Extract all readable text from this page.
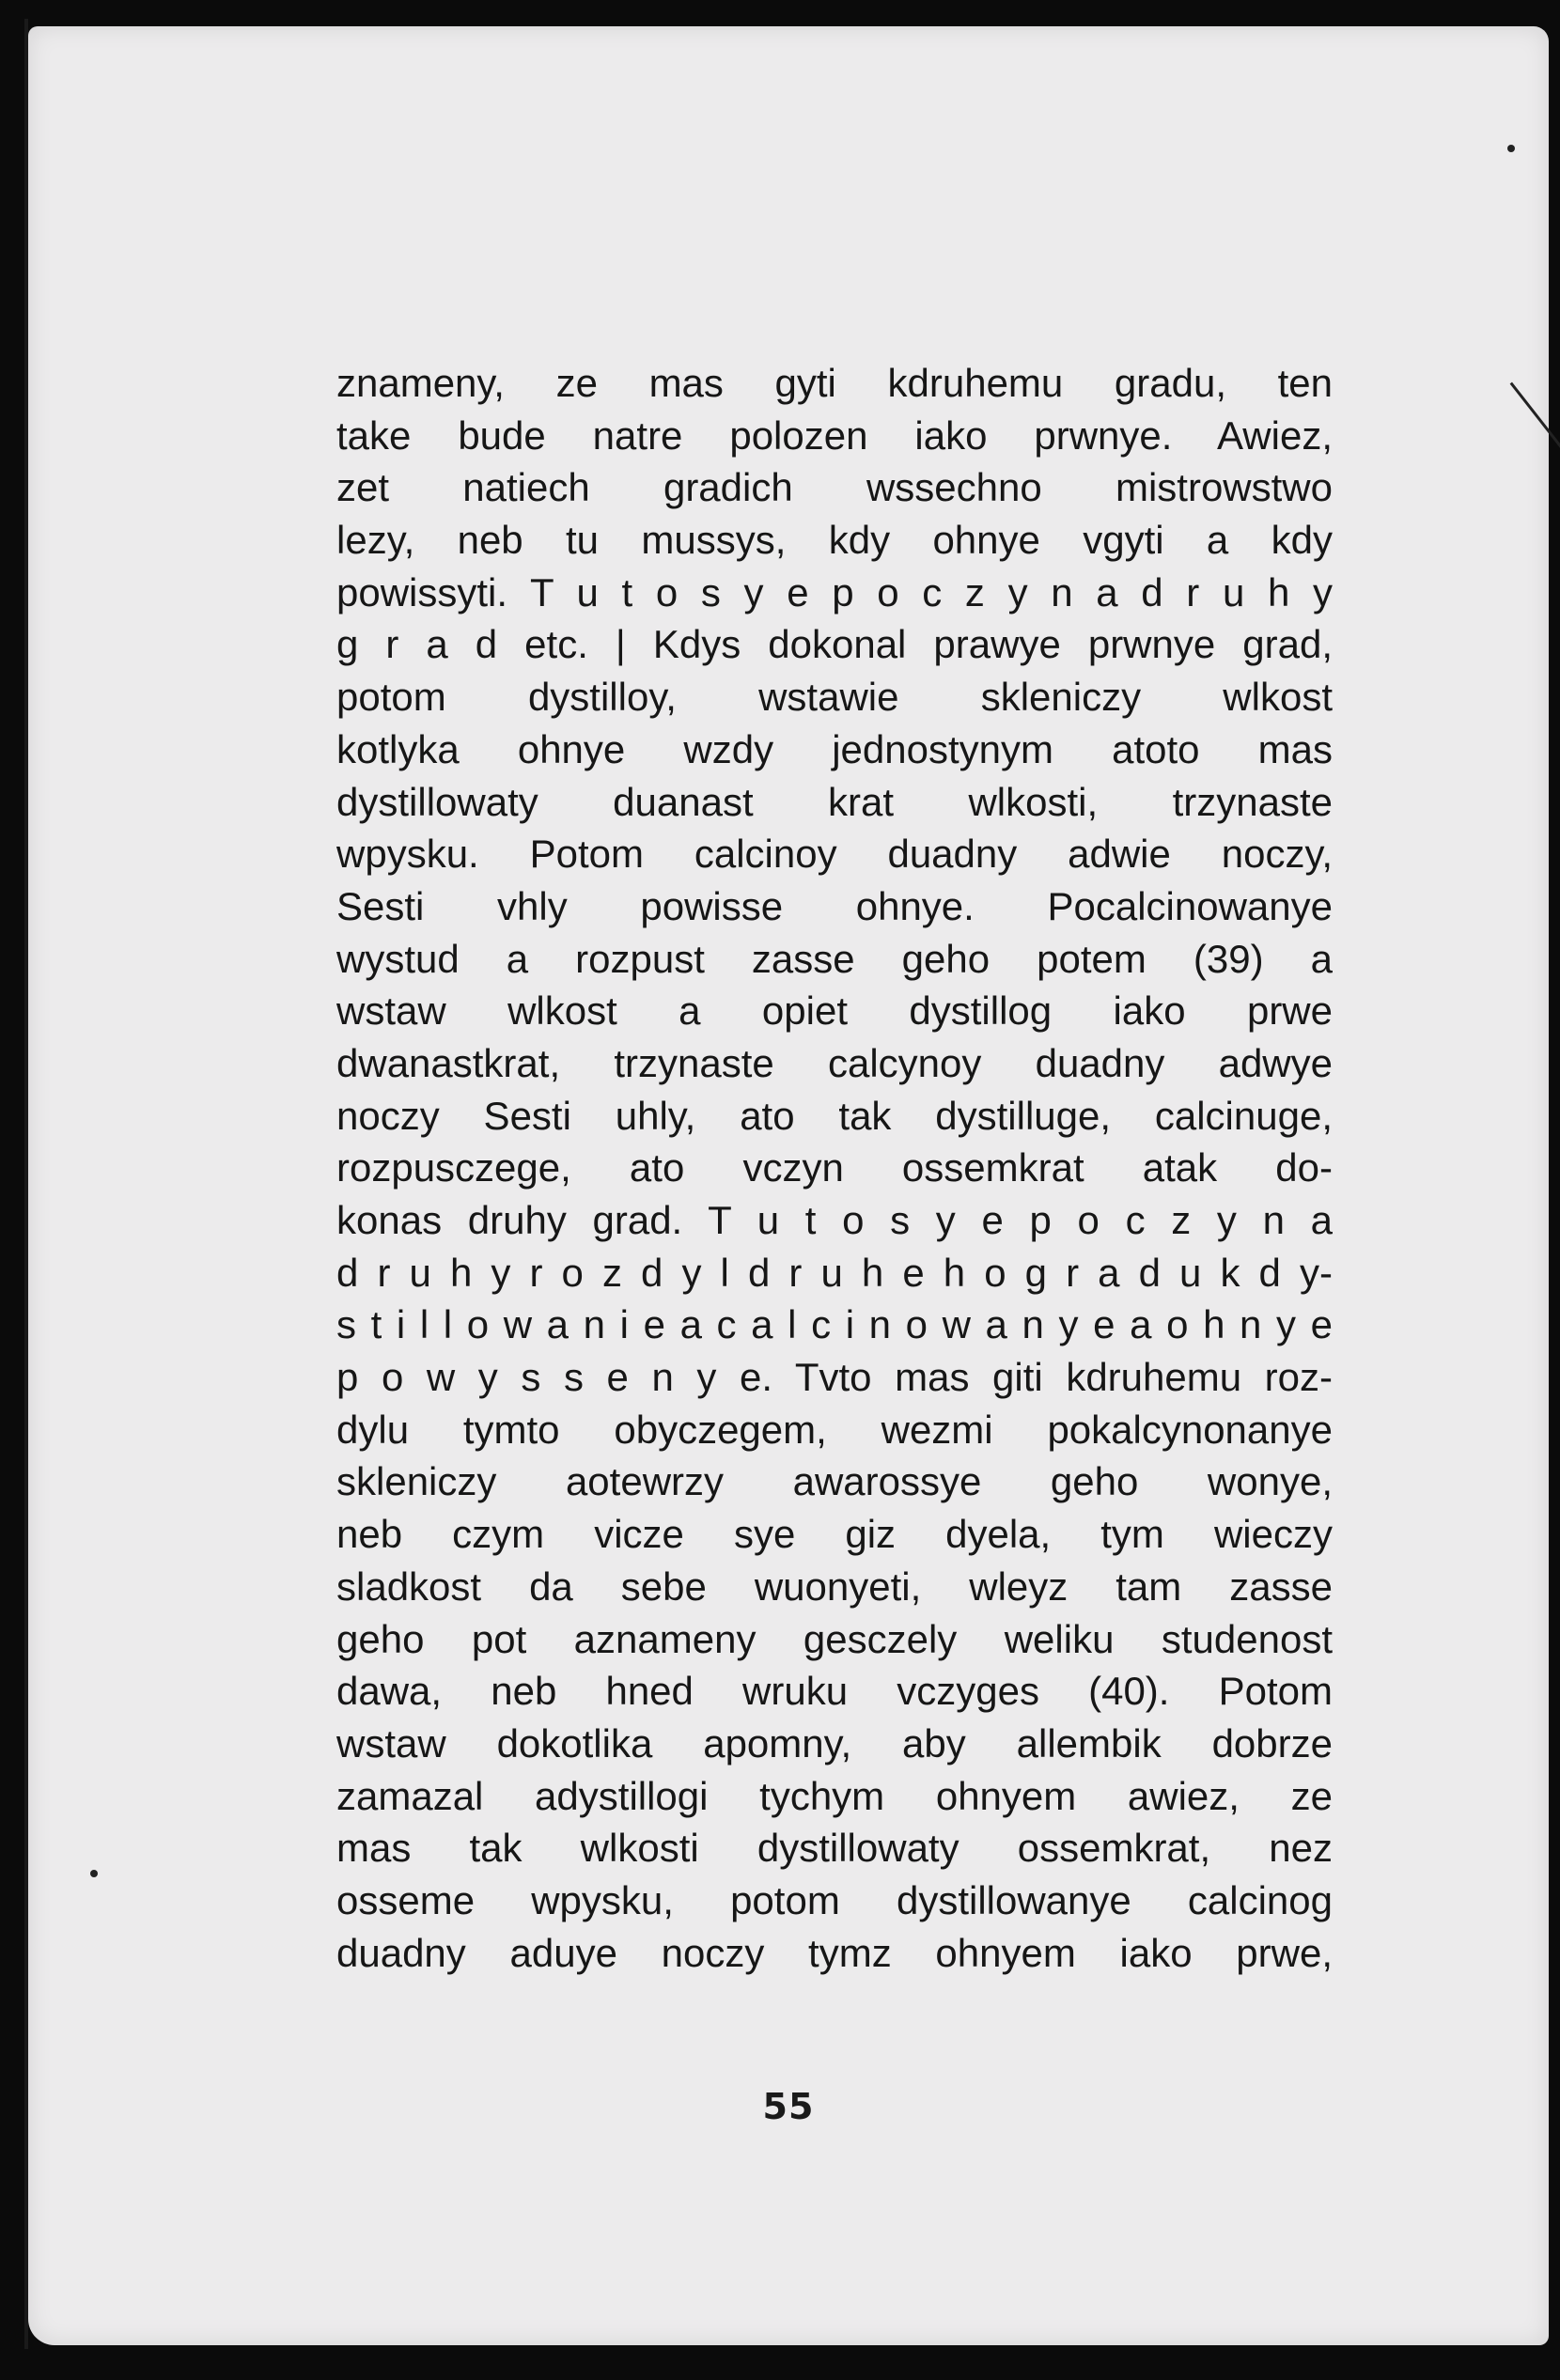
znameny, ze mas gyti kdruhemu gradu, ten
take bude natre polozen iako prwnye. Awiez,
zet natiech gradich wssechno mistrowstwo
lezy, neb tu mussys, kdy ohnye vgyti a kdy
powissyti. T u t o s y e p o c z y n a d r u h y
g r a d etc. | Kdys dokonal prawye prwnye grad,
potom dystilloy, wstawie skleniczy wlkost
kotlyka ohnye wzdy jednostynym atoto mas
dystillowaty duanast krat wlkosti, trzynaste
wpysku. Potom calcinoy duadny adwie noczy,
Sesti vhly powisse ohnye. Pocalcinowanye
wystud a rozpust zasse geho potem (39) a
wstaw wlkost a opiet dystillog iako prwe
dwanastkrat, trzynaste calcynoy duadny adwye
noczy Sesti uhly, ato tak dystilluge, calcinuge,
rozpusczege, ato vczyn ossemkrat atak do-
konas druhy grad. T u t o s y e p o c z y n a
d r u h y r o z d y l d r u h e h o g r a d u k d y-
s t i l l o w a n i e a c a l c i n o w a n y e a o h n y e
p o w y s s e n y e. Tvto mas giti kdruhemu roz-
dylu tymto obyczegem, wezmi pokalcynonanye
skleniczy aotewrzy awarossye geho wonye,
neb czym vicze sye giz dyela, tym wieczy
sladkost da sebe wuonyeti, wleyz tam zasse
geho pot aznameny gesczely weliku studenost
dawa, neb hned wruku vczyges (40). Potom
wstaw dokotlika apomny, aby allembik dobrze
zamazal adystillogi tychym ohnyem awiez, ze
mas tak wlkosti dystillowaty ossemkrat, nez
osseme wpysku, potom dystillowanye calcinog
duadny aduye noczy tymz ohnyem iako prwe,
55
